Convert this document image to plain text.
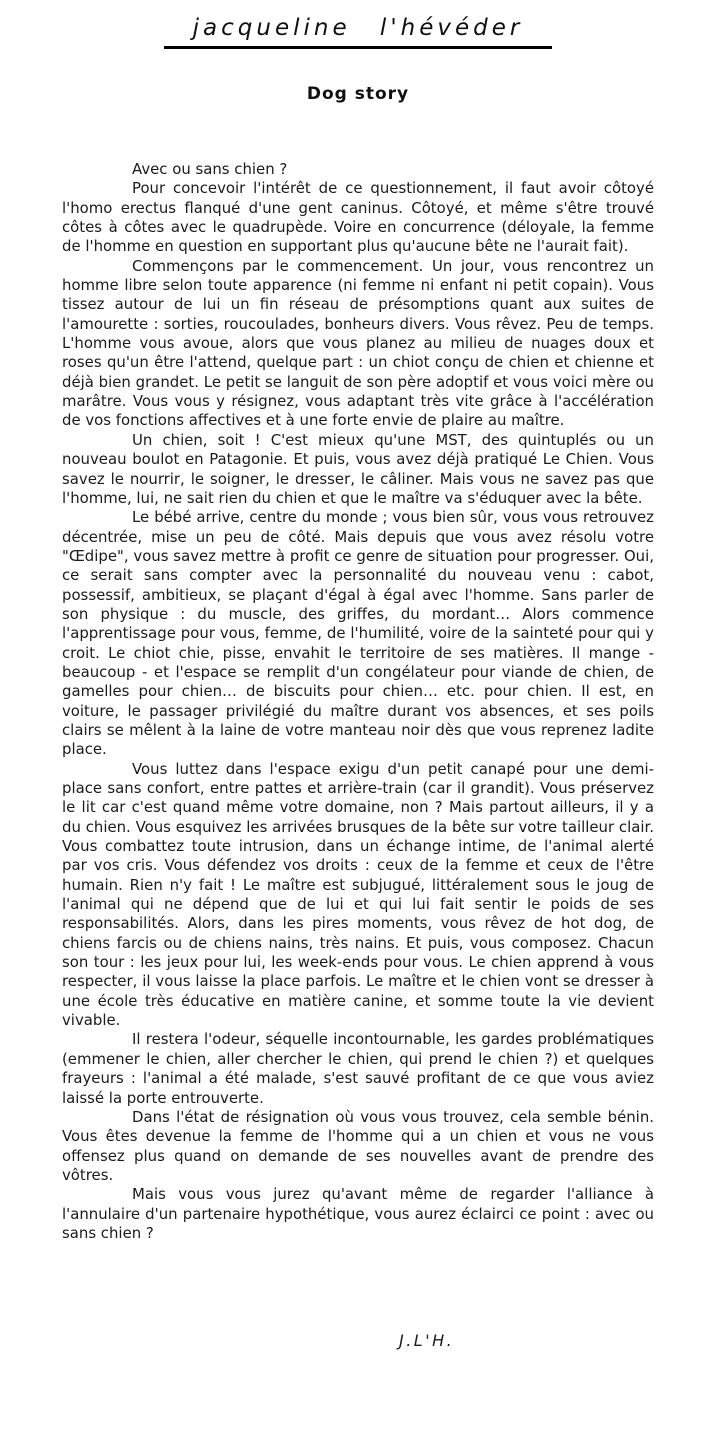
jacqueline l'hévéder
Dog story

Avec ou sans chien ?

Pour concevoir l'intérêt de ce questionnement, il faut avoir côtoyé l'homo erectus flanqué d'une gent caninus. Côtoyé, et même s'être trouvé côtes à côtes avec le quadrupède. Voire en concurrence (déloyale, la femme de l'homme en question en supportant plus qu'aucune bête ne l'aurait fait).

Commençons par le commencement. Un jour, vous rencontrez un homme libre selon toute apparence (ni femme ni enfant ni petit copain). Vous tissez autour de lui un fin réseau de présomptions quant aux suites de l'amourette : sorties, roucoulades, bonheurs divers. Vous rêvez. Peu de temps. L'homme vous avoue, alors que vous planez au milieu de nuages doux et roses qu'un être l'attend, quelque part : un chiot conçu de chien et chienne et déjà bien grandet. Le petit se languit de son père adoptif et vous voici mère ou marâtre. Vous vous y résignez, vous adaptant très vite grâce à l'accélération de vos fonctions affectives et à une forte envie de plaire au maître.

Un chien, soit ! C'est mieux qu'une MST, des quintuplés ou un nouveau boulot en Patagonie. Et puis, vous avez déjà pratiqué Le Chien. Vous savez le nourrir, le soigner, le dresser, le câliner. Mais vous ne savez pas que l'homme, lui, ne sait rien du chien et que le maître va s'éduquer avec la bête.

Le bébé arrive, centre du monde ; vous bien sûr, vous vous retrouvez décentrée, mise un peu de côté. Mais depuis que vous avez résolu votre "Œdipe", vous savez mettre à profit ce genre de situation pour progresser. Oui, ce serait sans compter avec la personnalité du nouveau venu : cabot, possessif, ambitieux, se plaçant d'égal à égal avec l'homme. Sans parler de son physique : du muscle, des griffes, du mordant… Alors commence l'apprentissage pour vous, femme, de l'humilité, voire de la sainteté pour qui y croit. Le chiot chie, pisse, envahit le territoire de ses matières. Il mange - beaucoup - et l'espace se remplit d'un congélateur pour viande de chien, de gamelles pour chien… de biscuits pour chien… etc. pour chien. Il est, en voiture, le passager privilégié du maître durant vos absences, et ses poils clairs se mêlent à la laine de votre manteau noir dès que vous reprenez ladite place.

Vous luttez dans l'espace exigu d'un petit canapé pour une demi-place sans confort, entre pattes et arrière-train (car il grandit). Vous préservez le lit car c'est quand même votre domaine, non ? Mais partout ailleurs, il y a du chien. Vous esquivez les arrivées brusques de la bête sur votre tailleur clair. Vous combattez toute intrusion, dans un échange intime, de l'animal alerté par vos cris. Vous défendez vos droits : ceux de la femme et ceux de l'être humain. Rien n'y fait ! Le maître est subjugué, littéralement sous le joug de l'animal qui ne dépend que de lui et qui lui fait sentir le poids de ses responsabilités. Alors, dans les pires moments, vous rêvez de hot dog, de chiens farcis ou de chiens nains, très nains. Et puis, vous composez. Chacun son tour : les jeux pour lui, les week-ends pour vous. Le chien apprend à vous respecter, il vous laisse la place parfois. Le maître et le chien vont se dresser à une école très éducative en matière canine, et somme toute la vie devient vivable.

Il restera l'odeur, séquelle incontournable, les gardes problématiques (emmener le chien, aller chercher le chien, qui prend le chien ?) et quelques frayeurs : l'animal a été malade, s'est sauvé profitant de ce que vous aviez laissé la porte entrouverte.

Dans l'état de résignation où vous vous trouvez, cela semble bénin. Vous êtes devenue la femme de l'homme qui a un chien et vous ne vous offensez plus quand on demande de ses nouvelles avant de prendre des vôtres.

Mais vous vous jurez qu'avant même de regarder l'alliance à l'annulaire d'un partenaire hypothétique, vous aurez éclairci ce point : avec ou sans chien ?

J.L'H.
